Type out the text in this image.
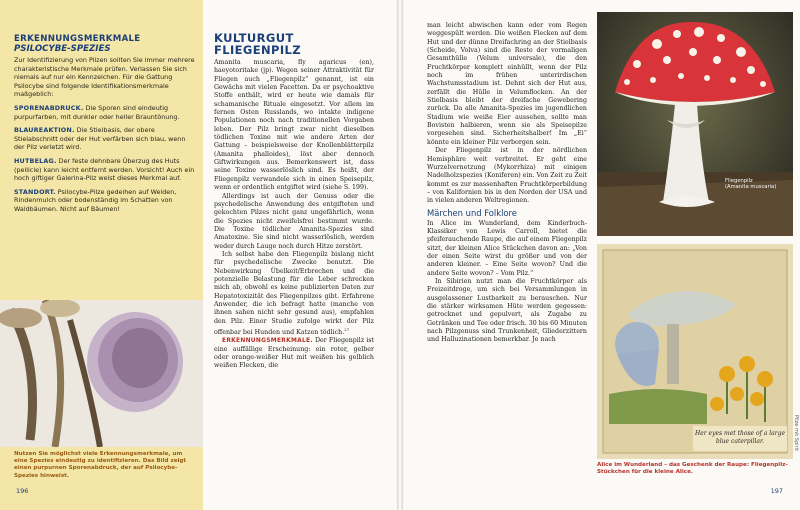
ERKENNUNGSMERKMALE
PSILOCYBE-SPEZIES

Zur Identifizierung von Pilzen sollten Sie immer mehrere charakteristische Merkmale prüfen. Verlassen Sie sich niemals auf nur ein Kennzeichen. Für die Gattung Psilocybe sind folgende Identifikationsmerkmale maßgeblich:

SPORENABDRUCK. Die Sporen sind eindeutig purpurfarben, mit dunkler oder heller Brauntönung.

BLAUREAKTION. Die Stielbasis, der obere Stielabschnitt oder der Hut verfärben sich blau, wenn der Pilz verletzt wird.

HUTBELAG. Der feste dehnbare Überzug des Huts (pellicle) kann leicht entfernt werden. Vorsicht! Auch ein hoch giftiger Galerina-Pilz weist dieses Merkmal auf.

STANDORT. Psilocybe-Pilze gedeihen auf Weiden, Rindenmulch oder bodenständig im Schatten von Waldbäumen. Nicht auf Bäumen!

Nutzen Sie möglichst viele Erkennungsmerkmale, um eine Spezies eindeutig zu identifizieren. Das Bild zeigt einen purpurnen Sporenabdruck, der auf Psilocybe-Spezies hinweist.
196
KULTURGUT
FLIEGENPILZ

Amanita muscaria, fly agaricus (en), haeyotoritake (jp). Wegen seiner Attraktivität für Fliegen auch „Fliegenpilz“ genannt, ist ein Gewächs mit vielen Facetten. Da er psychoaktive Stoffe enthält, wird er heute wie damals für schamanische Rituale eingesetzt. Vor allem im fernen Osten Russlands, wo intakte indigene Populationen noch nach traditionellen Vorgaben leben. Der Pilz bringt zwar nicht dieselben tödlichen Toxine mit wie andere Arten der Gattung – beispielsweise der Knollenblätterpilz (Amanita phalloides), löst aber dennoch Giftwirkungen aus. Bemerkenswert ist, dass seine Toxine wasserlöslich sind. Es heißt, der Fliegenpilz verwandele sich in einen Speisepilz, wenn er ordentlich entgiftet wird (siehe S. 199).

Allerdings ist auch der Genuss oder die psychedelische Anwendung des entgifteten und gekochten Pilzes nicht ganz ungefährlich, wenn die Spezies nicht zweifelsfrei bestimmt wurde. Die Toxine tödlicher Amanita-Spezies sind Amatoxine. Sie sind nicht wasserlöslich, werden weder durch Lauge noch durch Hitze zerstört.

Ich selbst habe den Fliegenpilz bislang nicht für psychedelische Zwecke benutzt. Die Nebenwirkung Übelkeit/Erbrechen und die potenzielle Belastung für die Leber schrecken mich ab, obwohl es keine publizierten Daten zur Hepatotoxizität des Fliegenpilzes gibt. Erfahrene Anwender, die ich befragt hatte (manche von ihnen sahen nicht sehr gesund aus), empfahlen den Pilz. Einer Studie zufolge wirkt der Pilz offenbar bei Hunden und Katzen tödlich.$^{27}$

ERKENNUNGSMERKMALE. Der Fliegenpilz ist eine auffällige Erscheinung: ein roter, gelber oder orange-weißer Hut mit weißen bis gelblich weißen Flecken, die

man leicht abwischen kann oder vom Regen weggespült werden. Die weißen Flecken auf dem Hut und der dünne Dreifachring an der Stielbasis (Scheide, Volva) sind die Reste der vormaligen Gesamthülle (Velum universale), die den Fruchtkörper komplett einhüllt, wenn der Pilz noch im frühen unterirdischen Wachstumsstadium ist. Dehnt sich der Hut aus, zerfällt die Hülle in Velumflocken. An der Stielbasis bleibt der dreifache Gewebering zurück. Da alle Amanita-Spezies im jugendlichen Stadium wie weiße Eier aussehen, sollte man Bovisten halbieren, wenn sie als Speisepilze vorgesehen sind. Sicherheitshalber! Im „Ei“ könnte ein kleiner Pilz verborgen sein.

Der Fliegenpilz ist in der nördlichen Hemisphäre weit verbreitet. Er geht eine Wurzelvernetzung (Mykorrhiza) mit einigen Nadelholzspezies (Koniferen) ein. Von Zeit zu Zeit kommt es zur massenhaften Fruchtkörperbildung – von Kalifornien bis in den Norden der USA und in vielen anderen Weltregionen.

Märchen und Folklore

In Alice im Wunderland, dem Kinderbuch-Klassiker von Lewis Carroll, bietet die pfeiferauchende Raupe, die auf einem Fliegenpilz sitzt, der kleinen Alice Stückchen davon an: „Von der einen Seite wirst du größer und von der anderen kleiner. – Eine Seite wovon? Und die andere Seite wovon? – Vom Pilz.“

In Sibirien nutzt man die Fruchtkörper als Freizeitdroge, um sich bei Versammlungen in ausgelassener Lustbarkeit zu berauschen. Nur die stärker wirksamen Hüte werden gegessen: getrocknet und gepulvert, als Zugabe zu Getränken und Tee oder frisch. 30 bis 60 Minuten nach Pilzgenuss sind Trunkenheit, Gliederzittern und Halluzinationen bemerkbar. Je nach

Fliegenpilz
(Amanita muscaria)
Her eyes met those of a large blue caterpillar.
Alice im Wunderland – das Geschenk der Raupe: Fliegenpilz-Stückchen für die kleine Alice.
Pilze mit Spirit
197
